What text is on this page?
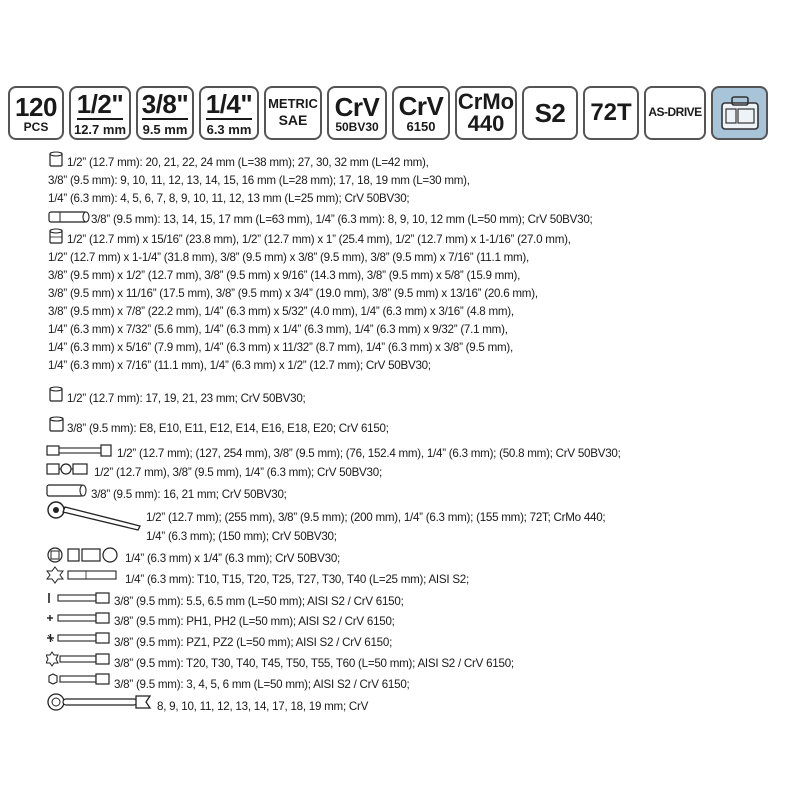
120
PCS
1/2"
12.7 mm
3/8"
9.5 mm
1/4"
6.3 mm
METRIC
SAE CrV
50BV30
CrV
6150
CrMo
440 S2 72T AS-DRIVE
1/2” (12.7 mm): 20, 21, 22, 24 mm (L=38 mm); 27, 30, 32 mm (L=42 mm),
3/8” (9.5 mm): 9, 10, 11, 12, 13, 14, 15, 16 mm (L=28 mm); 17, 18, 19 mm (L=30 mm),
1/4” (6.3 mm): 4, 5, 6, 7, 8, 9, 10, 11, 12, 13 mm (L=25 mm); CrV 50BV30;
3/8” (9.5 mm): 13, 14, 15, 17 mm (L=63 mm), 1/4” (6.3 mm): 8, 9, 10, 12 mm (L=50 mm); CrV 50BV30;
1/2” (12.7 mm) x 15/16” (23.8 mm), 1/2” (12.7 mm) x 1” (25.4 mm), 1/2” (12.7 mm) x 1-1/16” (27.0 mm),
1/2” (12.7 mm) x 1-1/4” (31.8 mm), 3/8” (9.5 mm) x 3/8” (9.5 mm), 3/8” (9.5 mm) x 7/16” (11.1 mm),
3/8” (9.5 mm) x 1/2” (12.7 mm), 3/8” (9.5 mm) x 9/16” (14.3 mm), 3/8” (9.5 mm) x 5/8” (15.9 mm),
3/8” (9.5 mm) x 11/16” (17.5 mm), 3/8” (9.5 mm) x 3/4” (19.0 mm), 3/8” (9.5 mm) x 13/16” (20.6 mm),
3/8” (9.5 mm) x 7/8” (22.2 mm), 1/4” (6.3 mm) x 5/32” (4.0 mm), 1/4” (6.3 mm) x 3/16” (4.8 mm),
1/4” (6.3 mm) x 7/32” (5.6 mm), 1/4” (6.3 mm) x 1/4” (6.3 mm), 1/4” (6.3 mm) x 9/32” (7.1 mm),
1/4” (6.3 mm) x 5/16” (7.9 mm), 1/4” (6.3 mm) x 11/32” (8.7 mm), 1/4” (6.3 mm) x 3/8” (9.5 mm),
1/4” (6.3 mm) x 7/16” (11.1 mm), 1/4” (6.3 mm) x 1/2” (12.7 mm); CrV 50BV30;
1/2” (12.7 mm): 17, 19, 21, 23 mm; CrV 50BV30;
3/8” (9.5 mm): E8, E10, E11, E12, E14, E16, E18, E20; CrV 6150;
1/2” (12.7 mm); (127, 254 mm), 3/8” (9.5 mm); (76, 152.4 mm), 1/4” (6.3 mm); (50.8 mm); CrV 50BV30;
1/2” (12.7 mm), 3/8” (9.5 mm), 1/4” (6.3 mm); CrV 50BV30;
3/8” (9.5 mm): 16, 21 mm; CrV 50BV30;
1/2” (12.7 mm); (255 mm), 3/8” (9.5 mm); (200 mm), 1/4” (6.3 mm); (155 mm); 72T; CrMo 440;
1/4” (6.3 mm); (150 mm); CrV 50BV30;
1/4” (6.3 mm) x 1/4” (6.3 mm); CrV 50BV30;
1/4” (6.3 mm): T10, T15, T20, T25, T27, T30, T40 (L=25 mm); AISI S2;
3/8” (9.5 mm): 5.5, 6.5 mm (L=50 mm); AISI S2 / CrV 6150;
3/8” (9.5 mm): PH1, PH2 (L=50 mm); AISI S2 / CrV 6150;
3/8” (9.5 mm): PZ1, PZ2 (L=50 mm); AISI S2 / CrV 6150;
3/8” (9.5 mm): T20, T30, T40, T45, T50, T55, T60 (L=50 mm); AISI S2 / CrV 6150;
3/8” (9.5 mm): 3, 4, 5, 6 mm (L=50 mm); AISI S2 / CrV 6150;
8, 9, 10, 11, 12, 13, 14, 17, 18, 19 mm; CrV
